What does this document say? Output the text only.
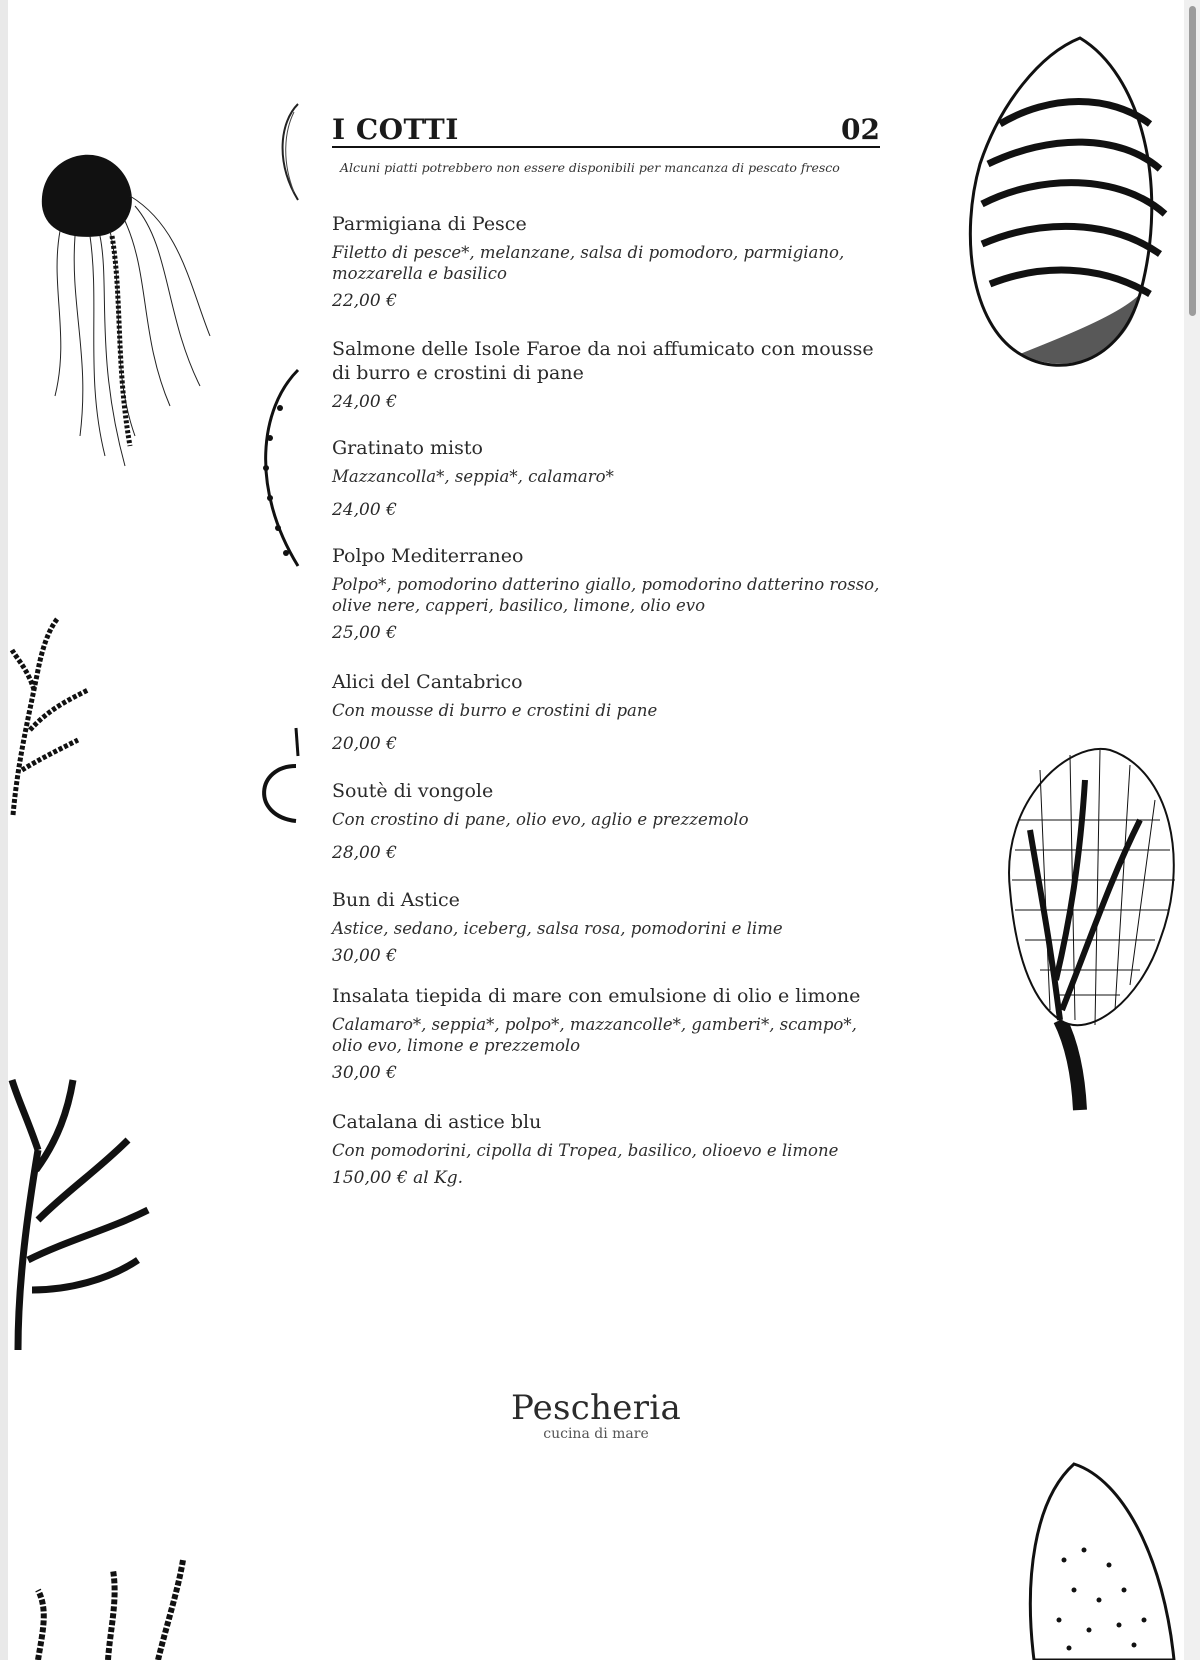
I COTTI	02
Alcuni piatti potrebbero non essere disponibili per mancanza di pescato fresco
Parmigiana di Pesce
Filetto di pesce*, melanzane, salsa di pomodoro, parmigiano, mozzarella e basilico
22,00 €
Salmone delle Isole Faroe da noi affumicato con mousse di burro e crostini di pane
24,00 €
Gratinato misto
Mazzancolla*, seppia*, calamaro*
24,00 €
Polpo Mediterraneo
Polpo*, pomodorino datterino giallo, pomodorino datterino rosso, olive nere, capperi, basilico, limone, olio evo
25,00 €
Alici del Cantabrico
Con mousse di burro e crostini di pane
20,00 €
Soutè di vongole
Con crostino di pane, olio evo, aglio e prezzemolo
28,00 €
Bun di Astice
Astice, sedano, iceberg, salsa rosa, pomodorini e lime
30,00 €
Insalata tiepida di mare con emulsione di olio e limone
Calamaro*, seppia*, polpo*, mazzancolle*, gamberi*, scampo*, olio evo, limone e prezzemolo
30,00 €
Catalana di astice blu
Con pomodorini, cipolla di Tropea, basilico, olioevo e limone
150,00 € al Kg.
Pescheria
cucina di mare
